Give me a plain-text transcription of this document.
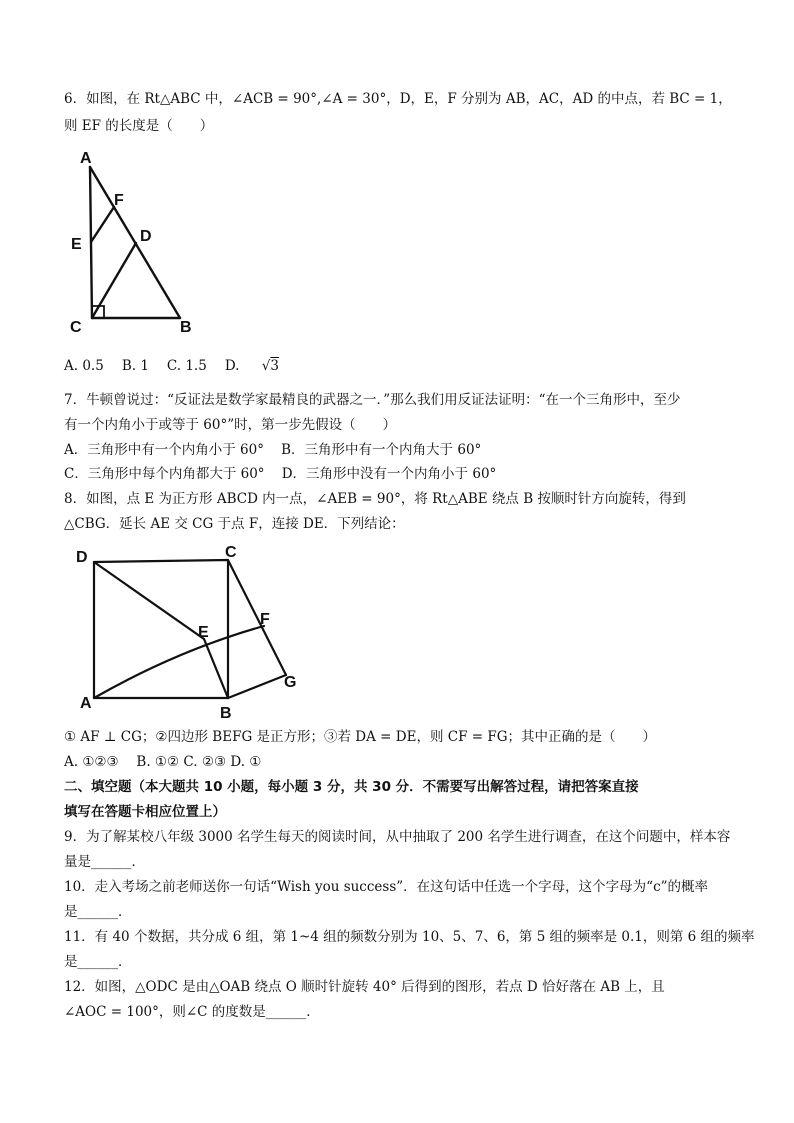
6．如图，在 Rt△ABC 中，∠ACB = 90°,∠A = 30°，D，E，F 分别为 AB，AC，AD 的中点，若 BC = 1，
则 EF 的长度是（　　）
A
F
E	D
C	B
A. 0.5 B. 1 C. 1.5 D. √3
7．牛顿曾说过：“反证法是数学家最精良的武器之一．”那么我们用反证法证明：“在一个三角形中，至少
有一个内角小于或等于 60°”时，第一步先假设（　　）
A．三角形中有一个内角小于 60° B．三角形中有一个内角大于 60°
C．三角形中每个内角都大于 60° D．三角形中没有一个内角小于 60°
8．如图，点 E 为正方形 ABCD 内一点，∠AEB = 90°，将 Rt△ABE 绕点 B 按顺时针方向旋转，得到
△CBG．延长 AE 交 CG 于点 F，连接 DE．下列结论：
D	C
E
F
A
B
G
① AF ⊥ CG；②四边形 BEFG 是正方形；③若 DA = DE，则 CF = FG；其中正确的是（　　）
A. ①②③　 B. ①② C. ②③ D. ①
二、填空题（本大题共 10 小题，每小题 3 分，共 30 分．不需要写出解答过程，请把答案直接
填写在答题卡相应位置上）
9．为了解某校八年级 3000 名学生每天的阅读时间，从中抽取了 200 名学生进行调查，在这个问题中，样本容
量是______．
10．走入考场之前老师送你一句话“Wish you success”．在这句话中任选一个字母，这个字母为“c”的概率
是______．
11．有 40 个数据，共分成 6 组，第 1~4 组的频数分别为 10、5、7、6，第 5 组的频率是 0.1，则第 6 组的频率
是______．
12．如图，△ODC 是由△OAB 绕点 O 顺时针旋转 40° 后得到的图形，若点 D 恰好落在 AB 上，且
∠AOC = 100°，则∠C 的度数是______．
